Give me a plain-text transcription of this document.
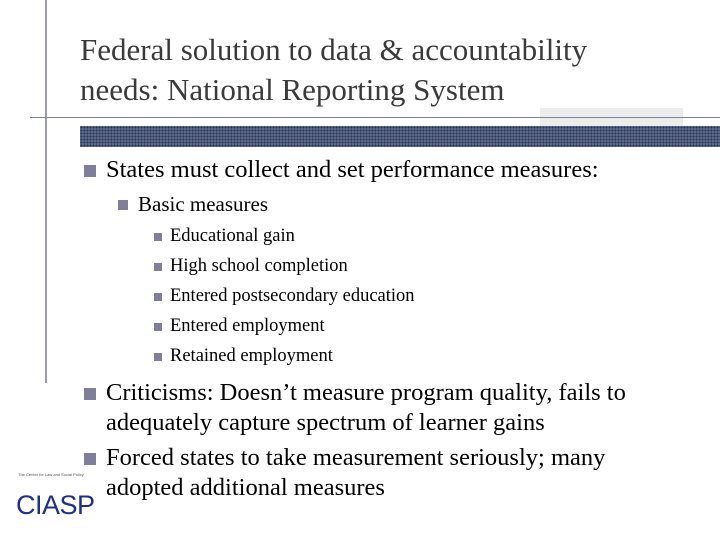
Federal solution to data & accountability
needs: National Reporting System
States must collect and set performance measures:
Basic measures
Educational gain
High school completion
Entered postsecondary education
Entered employment
Retained employment
Criticisms: Doesn’t measure program quality, fails to
adequately capture spectrum of learner gains
Forced states to take measurement seriously; many
adopted additional measures
The Center for Law and Social Policy
CIASP
